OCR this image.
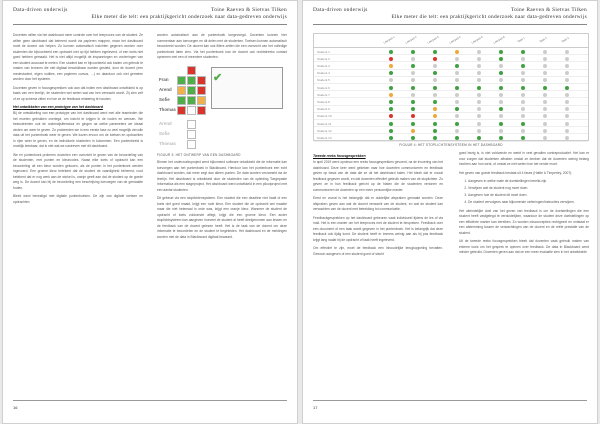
Data-driven onderwijs	Toine Raeven & Sietvas Tilken
Elke meter die telt: een praktijkgericht onderzoek naar data-gedreven onderwijs

Docenten willen via het dashboard meer controle over het leerproces van de student. Ze willen geen dashboard dat beheerd wordt via papieren mappen, maar het dashboard moet de docent ook helpen. Zo kunnen automatisch inzichten gegeven worden over studenten die bijvoorbeeld een opdracht niet op tijd hebben ingeleverd, of een toets niet goed hebben gemaakt. Het is niet altijd mogelijk de inspanningen en vorderingen van een student accuraat te meten. Een student kan er bijvoorbeeld ook baden om gebruik te maken van bronnen die niet digitaal beschikbaar worden gesteld, door de docent (een medestudent, eigen notities, een papieren cursus, …) en daardoor ook niet gemeten worden door het systeem.

Docenten geven in focusgesprekken ook aan dat indien een dashboard ontwikkeld is op basis van een leerlijn, de studenten wel weten wat van hen verwacht wordt. Zij zien zelf of ze op schema zitten en hoe ze de feedback relatering te houden.

Het ontwikkelen van een prototype van het dashboard

Bij de ontwikkeling van een prototype van het dashboard werd met alle teamleden die het moeten gebruiken overlegd, om inzicht te krijgen in de noden en wensen. We bestudeerden ook de onderwijsliteratuur en gingen na welke parameters we ideaal vinden om weer te geven. Zo probeerden we in een eerste fase zo veel mogelijk zinvolle data uit het puntenboek weer te geven. We kozen ervoor om de toetsen en opdrachten in rijen weer te geven, en de individuele studenten in kolommen. Een puntenbeeld is moeilijk leesbaar, dat is niet wat we nastreven met dit dashboard.

We en puntenboek proberen docenten een overzicht te geven van de beoordeling van de studenten, met punten en kleurcodes. Naast elke toets of opdracht kan een beoordeling uit een kleur worden gekozen, als de punten in het puntenboek werden ingevoerd. Een groene kleur betekent dat de student de vaardigheid beheerst, rood betekent dat er nog werk aan de winkel is, oranje geeft aan dat de student op de goede weg is. De docent kan bij de beoordeling een beschrijving toevoegen van de gemaakte fouten.

Bleek werd bevestigd met digitale puntenboeken. De zijn van digitale toetsen en opdrachten

worden automatisch aan de puntenboek toegevoegd. Docenten kunnen hier commentaar aan toevoegen en dit delen met de studenten. Toetsen kunnen automatisch beoordeeld worden. De docent kan ook filters zetten die een overzicht van het volledige puntenboek laten zien. Via het puntenboek kan de docent ook rechtstreeks contact opnemen met een of meerdere studenten.

✔
Fran
Arend
Sofie
Thomas
Arend
Sofie
Thomas

FIGUUR 3: HET ONTWERP VAN EEN DASHBOARD

Binnen het onderzoeksproject werd bijkomend software ontwikkeld die de informatie kan toevoegen aan het puntenboek in Blackboard. Hierdoor kan het puntenboek een echt dashboard worden, dat meer zegt dan alleen punten. De data worden verzameld via de leerlijn. Het dashboard is ontwikkeld door de studenten van de opleiding Toegepaste Informatica als een stageproject. Het dashboard werd ontwikkeld in een pilootproject met een aantal studenten.

Dit gebeurt via een stoplichtensysteem. Een student die een deadline niet haalt of een toets niet goed maakt, krijgt een rode kleur. Een student die de opdracht wel maakte maar die niet helemaal in orde was, krijgt een oranje kleur. Wanneer de student de opdracht of toets voldoende aflegt, krijgt die een groene kleur. Een ander stoplichtsysteem kan aangeven hoeveel de student al heeft deelgenomen aan lessen en de feedback van de docent gelezen heeft. Het is de taak van de docent om deze informatie te beoordelen en de student te begeleiden. Het dashboard en de meldingen worden met de data in Blackboard digitaal bewaard.

16
Data-driven onderwijs	Toine Raeven & Sietvas Tilken
Elke meter die telt: een praktijkgericht onderzoek naar data-gedreven onderwijs
Leerpad 1	Leerpad 2	Leerpad 3	Leerpad 4	Leerpad 5	Leerpad 6	Taak 1	Taak 2	Taak 3
Student 1
Student 2
Student 3
Student 4
Student 5
Student 6
Student 7
Student 8
Student 9
Student 10
Student 11
Student 12
Student 13
FIGUUR 4: HET STOPLICHTENSYSTEEM IN HET DASHBOARD
Tweede reeks focusgesprekken

In april 2019 werd opnieuw een reeks focusgesprekken gevoerd, na de invoering van het dashboard. Deze keer werd gekeken naar hoe docenten communiceren en feedback geven op basis van de data die ze uit het dashboard halen. Het bleek dat er vooral feedback gegeven wordt, en dat docenten effectief gebruik maken van de stoplichten. Zo geven ze in hun feedback gericht op de hiaten die de studenten vertonen en communiceren de docenten op een meer persoonlijke manier.

Eerst en vooral is het belangrijk dat er duidelijke afspraken gemaakt worden. Deze afspraken geven aan wat de docent verwacht van de student, en wat de student kan verwachten van de docent met betrekking tot communicatie.

Feedbackgesprekken op het dashboard gebeuren vaak individueel tijdens de les of via mail. Het is een manier om het leerproces met de student te bespreken. Feedback over een document of een taak wordt gegeven in het puntenboek. Het is belangrijk dat deze feedback ook tijdig komt. De student heeft er immers weinig aan als hij pas feedback krijgt lang nadat hij de opdracht of taak heeft ingeleverd.

Om effectief te zijn, moet de feedback een inhoudelijke terugkoppeling bevatten. Gewoon aangeven of een student goed of slecht

goed bezig is, is niet voldoende en werkt in veel gevallen contraproductief. Het kan er voor zorgen dat studenten afhaken omdat ze denken dat de docenten weinig belang hechten aan hun werk, of omdat ze niet weten hoe het verder moet.

Het geven van goede feedback bestaat uit 4 fases (Hattie & Timperley, 2007):

1. Aangeven in welke mate de doelstellingen bereikt zijn.
2. Verwijzen wat de student nog moet doen.
3. Aangeven hoe de student dit moet doen.
4. De student vervolgens naar bijkomende oefeningen/instructies verwijzen.

Het uiteindelijke doel van het geven van feedback is om de doelstellingen die een student heeft vastgelegd te verduidelijken, waardoor de student deze doelstellingen op een efficiënte manier kan bereiken. Zo worden misconcepties rechtgezet en ontstaat er een afstemming tussen de verwachtingen van de docent en de reële prestatie van de student.

Uit de tweede reeks focusgesprekken bleek dat docenten vaak gebruik maken van externe tools om het gesprek te openen over feedback. De data in Blackboard werd minder gebruikt. Docenten geven aan dat ze een meer evaluatie zien in het ontwikkelde

17
